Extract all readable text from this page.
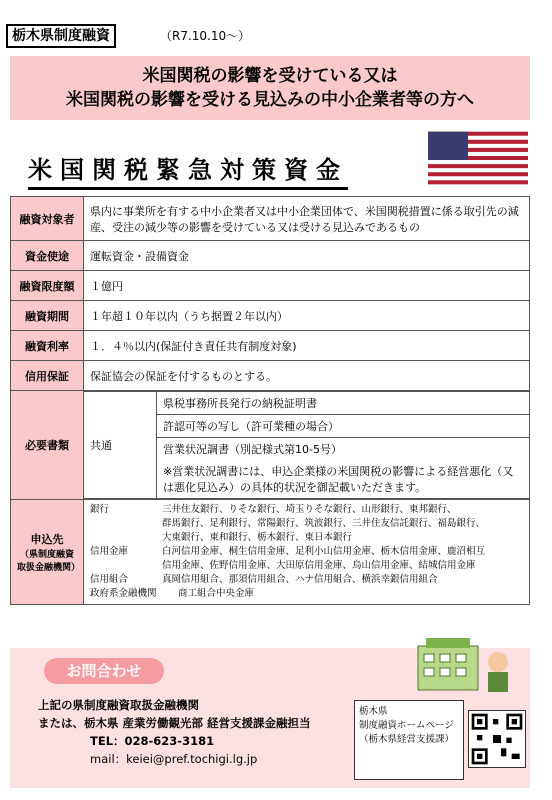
栃木県制度融資	（R7.10.10〜）
米国関税の影響を受けている又は
米国関税の影響を受ける見込みの中小企業者等の方へ
米国関税緊急対策資金
融資対象者	県内に事業所を有する中小企業者又は中小企業団体で、米国関税措置に係る取引先の減産、受注の減少等の影響を受けている又は受ける見込みであるもの
資金使途	運転資金・設備資金
融資限度額	１億円
融資期間	１年超１０年以内（うち据置２年以内）
融資利率	１．４％以内(保証付き責任共有制度対象)
信用保証	保証協会の保証を付するものとする。
必要書類	共通	県税事務所長発行の納税証明書
許認可等の写し（許可業種の場合）
営業状況調書（別記様式第10-5号）
※営業状況調書には、申込企業様の米国関税の影響による経営悪化（又は悪化見込み）の具体的状況を御記載いただきます。

申込先
（県制度融資
取扱金融機関）

銀行	三井住友銀行、りそな銀行、埼玉りそな銀行、山形銀行、東邦銀行、
群馬銀行、足利銀行、常陽銀行、筑波銀行、三井住友信託銀行、福島銀行、
大東銀行、東和銀行、栃木銀行、東日本銀行
信用金庫	白河信用金庫、桐生信用金庫、足利小山信用金庫、栃木信用金庫、鹿沼相互
信用金庫、佐野信用金庫、大田原信用金庫、烏山信用金庫、結城信用金庫
信用組合	真岡信用組合、那須信用組合、ハナ信用組合、横浜幸銀信用組合
政府系金融機関	商工組合中央金庫
お問合わせ
上記の県制度融資取扱金融機関
または、栃木県 産業労働観光部 経営支援課金融担当
TEL：028-623-3181
mail：keiei@pref.tochigi.lg.jp
栃木県
制度融資ホームページ
（栃木県経営支援課）
